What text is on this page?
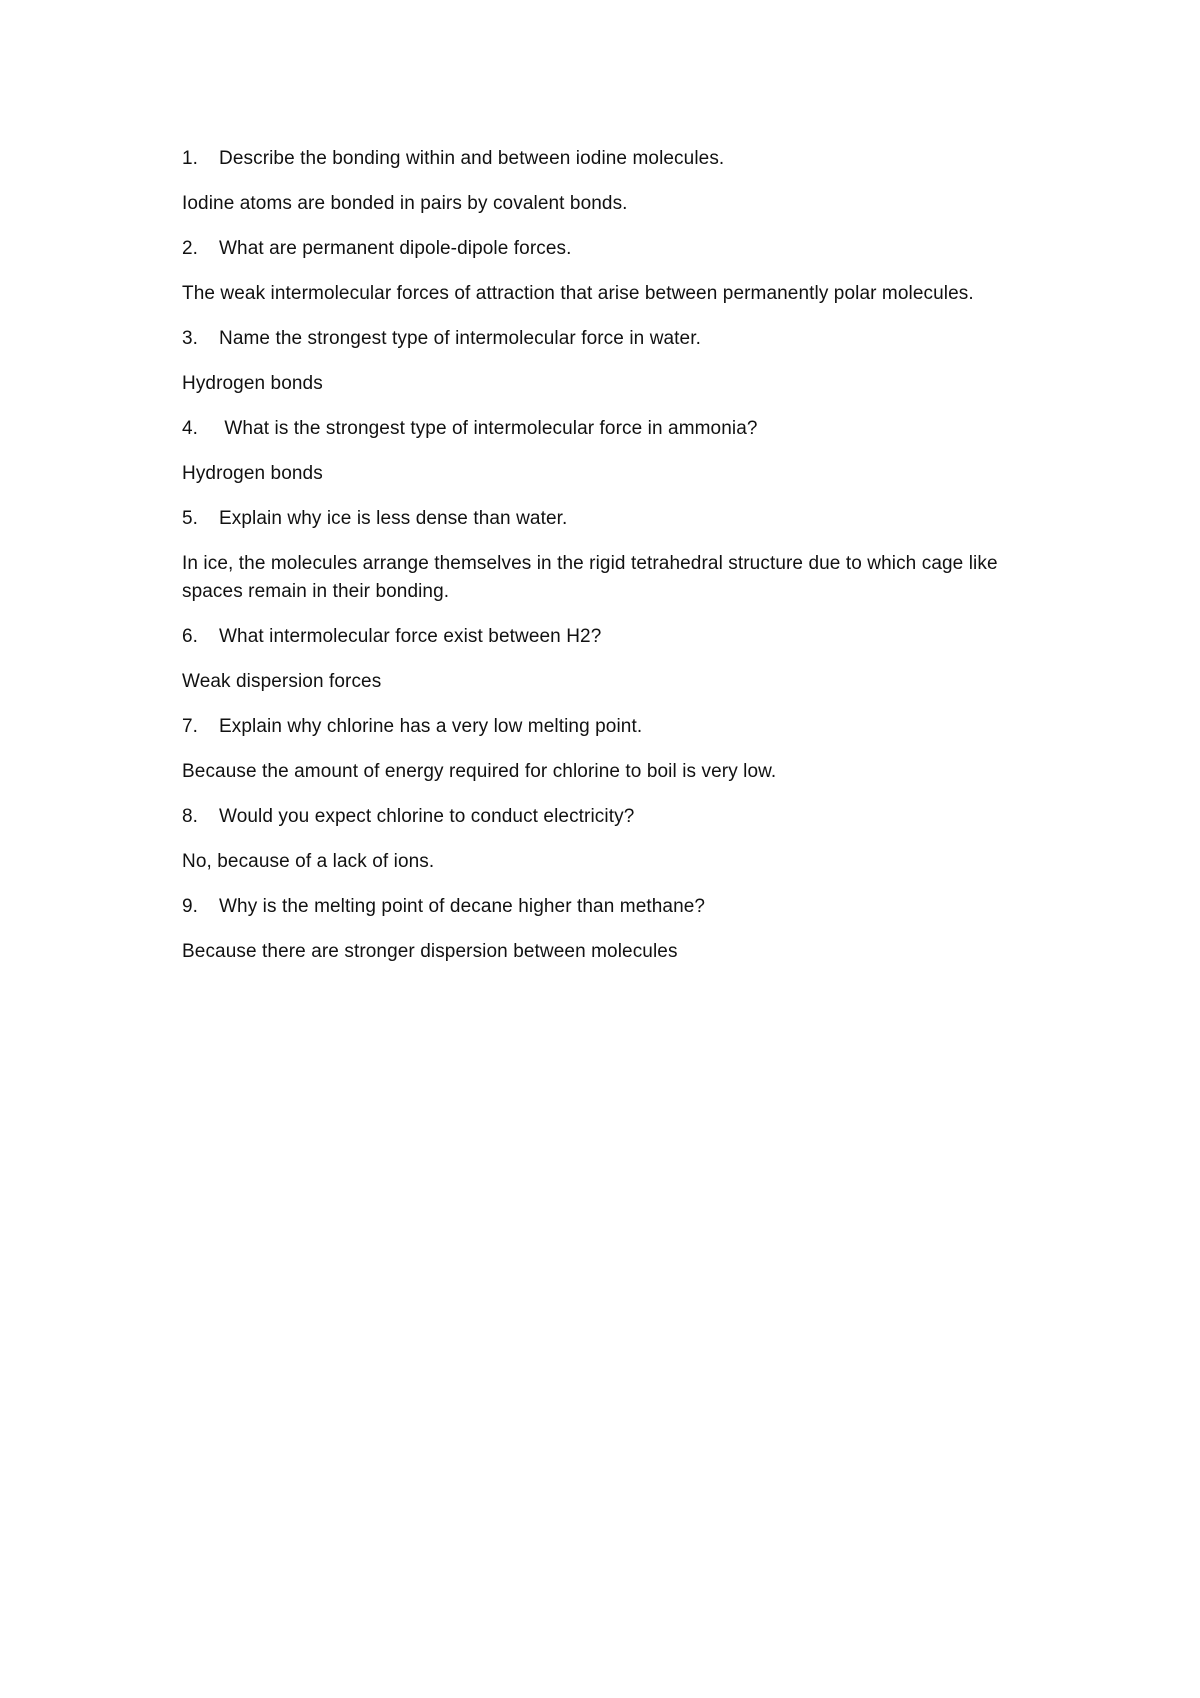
1.	Describe the bonding within and between iodine molecules.

Iodine atoms are bonded in pairs by covalent bonds.

2.	What are permanent dipole-dipole forces.

The weak intermolecular forces of attraction that arise between permanently polar molecules.

3.	Name the strongest type of intermolecular force in water.

Hydrogen bonds

4.	What is the strongest type of intermolecular force in ammonia?

Hydrogen bonds

5.	Explain why ice is less dense than water.

In ice, the molecules arrange themselves in the rigid tetrahedral structure due to which cage like spaces remain in their bonding.

6.	What intermolecular force exist between H2?

Weak dispersion forces

7.	Explain why chlorine has a very low melting point.

Because the amount of energy required for chlorine to boil is very low.

8.	Would you expect chlorine to conduct electricity?

No, because of a lack of ions.

9.	Why is the melting point of decane higher than methane?

Because there are stronger dispersion between molecules
